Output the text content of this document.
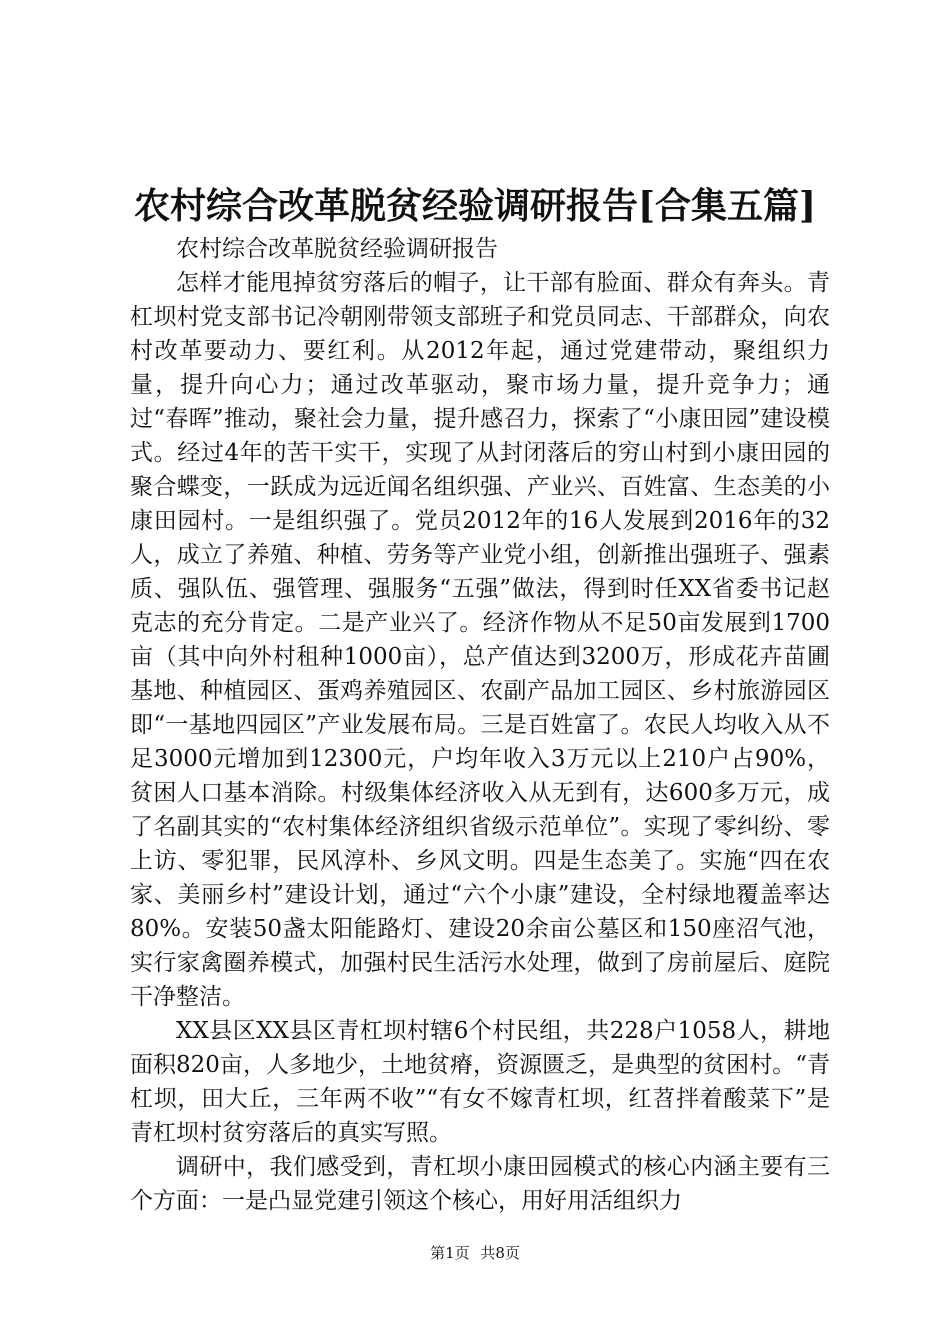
农村综合改革脱贫经验调研报告[合集五篇]

农村综合改革脱贫经验调研报告

怎样才能甩掉贫穷落后的帽子，让干部有脸面、群众有奔头。青杠坝村党支部书记冷朝刚带领支部班子和党员同志、干部群众，向农村改革要动力、要红利。从2012年起，通过党建带动，聚组织力量，提升向心力；通过改革驱动，聚市场力量，提升竞争力；通过“春晖”推动，聚社会力量，提升感召力，探索了“小康田园”建设模式。经过4年的苦干实干，实现了从封闭落后的穷山村到小康田园的聚合蝶变，一跃成为远近闻名组织强、产业兴、百姓富、生态美的小康田园村。一是组织强了。党员2012年的16人发展到2016年的32人，成立了养殖、种植、劳务等产业党小组，创新推出强班子、强素质、强队伍、强管理、强服务“五强”做法，得到时任XX省委书记赵克志的充分肯定。二是产业兴了。经济作物从不足50亩发展到1700亩（其中向外村租种1000亩），总产值达到3200万，形成花卉苗圃基地、种植园区、蛋鸡养殖园区、农副产品加工园区、乡村旅游园区即“一基地四园区”产业发展布局。三是百姓富了。农民人均收入从不足3000元增加到12300元，户均年收入3万元以上210户占90%，贫困人口基本消除。村级集体经济收入从无到有，达600多万元，成了名副其实的“农村集体经济组织省级示范单位”。实现了零纠纷、零上访、零犯罪，民风淳朴、乡风文明。四是生态美了。实施“四在农家、美丽乡村”建设计划，通过“六个小康”建设，全村绿地覆盖率达80%。安装50盏太阳能路灯、建设20余亩公墓区和150座沼气池，实行家禽圈养模式，加强村民生活污水处理，做到了房前屋后、庭院干净整洁。

XX县区XX县区青杠坝村辖6个村民组，共228户1058人，耕地面积820亩，人多地少，土地贫瘠，资源匮乏，是典型的贫困村。“青杠坝，田大丘，三年两不收”“有女不嫁青杠坝，红苕拌着酸菜下”是青杠坝村贫穷落后的真实写照。

调研中，我们感受到，青杠坝小康田园模式的核心内涵主要有三个方面：一是凸显党建引领这个核心，用好用活组织力

第1页 共8页
